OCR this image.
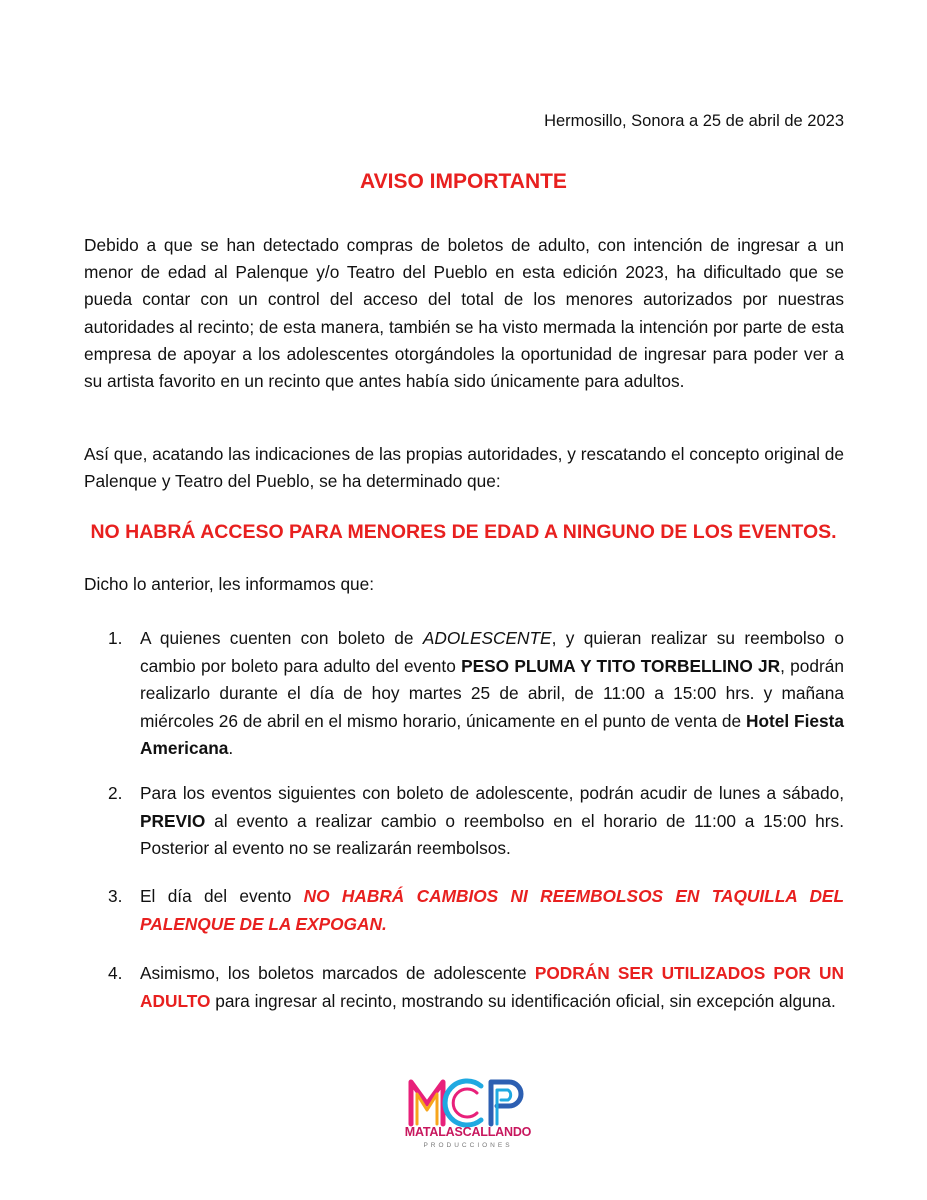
Hermosillo, Sonora a 25 de abril de 2023
AVISO IMPORTANTE
Debido a que se han detectado compras de boletos de adulto, con intención de ingresar a un menor de edad al Palenque y/o Teatro del Pueblo en esta edición 2023, ha dificultado que se pueda contar con un control del acceso del total de los menores autorizados por nuestras autoridades al recinto; de esta manera, también se ha visto mermada la intención por parte de esta empresa de apoyar a los adolescentes otorgándoles la oportunidad de ingresar para poder ver a su artista favorito en un recinto que antes había sido únicamente para adultos.
Así que, acatando las indicaciones de las propias autoridades, y rescatando el concepto original de Palenque y Teatro del Pueblo, se ha determinado que:
NO HABRÁ ACCESO PARA MENORES DE EDAD A NINGUNO DE LOS EVENTOS.
Dicho lo anterior, les informamos que:
1. A quienes cuenten con boleto de ADOLESCENTE, y quieran realizar su reembolso o cambio por boleto para adulto del evento PESO PLUMA Y TITO TORBELLINO JR, podrán realizarlo durante el día de hoy martes 25 de abril, de 11:00 a 15:00 hrs. y mañana miércoles 26 de abril en el mismo horario, únicamente en el punto de venta de Hotel Fiesta Americana.
2. Para los eventos siguientes con boleto de adolescente, podrán acudir de lunes a sábado, PREVIO al evento a realizar cambio o reembolso en el horario de 11:00 a 15:00 hrs. Posterior al evento no se realizarán reembolsos.
3. El día del evento NO HABRÁ CAMBIOS NI REEMBOLSOS EN TAQUILLA DEL PALENQUE DE LA EXPOGAN.
4. Asimismo, los boletos marcados de adolescente PODRÁN SER UTILIZADOS POR UN ADULTO para ingresar al recinto, mostrando su identificación oficial, sin excepción alguna.
MATALASCALLANDO
PRODUCCIONES
